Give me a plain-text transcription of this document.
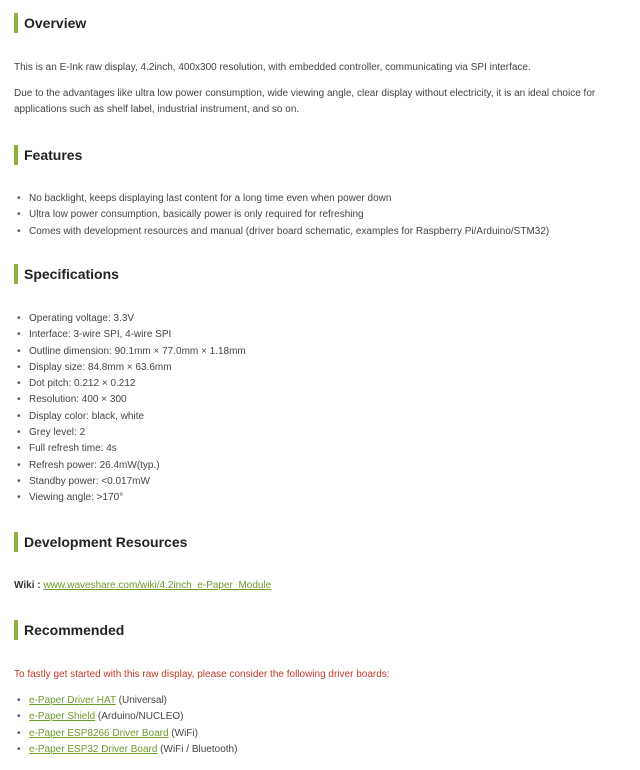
Overview

This is an E-Ink raw display, 4.2inch, 400x300 resolution, with embedded controller, communicating via SPI interface.

Due to the advantages like ultra low power consumption, wide viewing angle, clear display without electricity, it is an ideal choice for applications such as shelf label, industrial instrument, and so on.

Features
• No backlight, keeps displaying last content for a long time even when power down
• Ultra low power consumption, basically power is only required for refreshing
• Comes with development resources and manual (driver board schematic, examples for Raspberry Pi/Arduino/STM32)
Specifications
• Operating voltage: 3.3V
• Interface: 3-wire SPI, 4-wire SPI
• Outline dimension: 90.1mm × 77.0mm × 1.18mm
• Display size: 84.8mm × 63.6mm
• Dot pitch: 0.212 × 0.212
• Resolution: 400 × 300
• Display color: black, white
• Grey level: 2
• Full refresh time: 4s
• Refresh power: 26.4mW(typ.)
• Standby power: <0.017mW
• Viewing angle: >170°
Development Resources

Wiki : www.waveshare.com/wiki/4.2inch_e-Paper_Module

Recommended

To fastly get started with this raw display, please consider the following driver boards:

• e-Paper Driver HAT (Universal)
• e-Paper Shield (Arduino/NUCLEO)
• e-Paper ESP8266 Driver Board (WiFi)
• e-Paper ESP32 Driver Board (WiFi / Bluetooth)
